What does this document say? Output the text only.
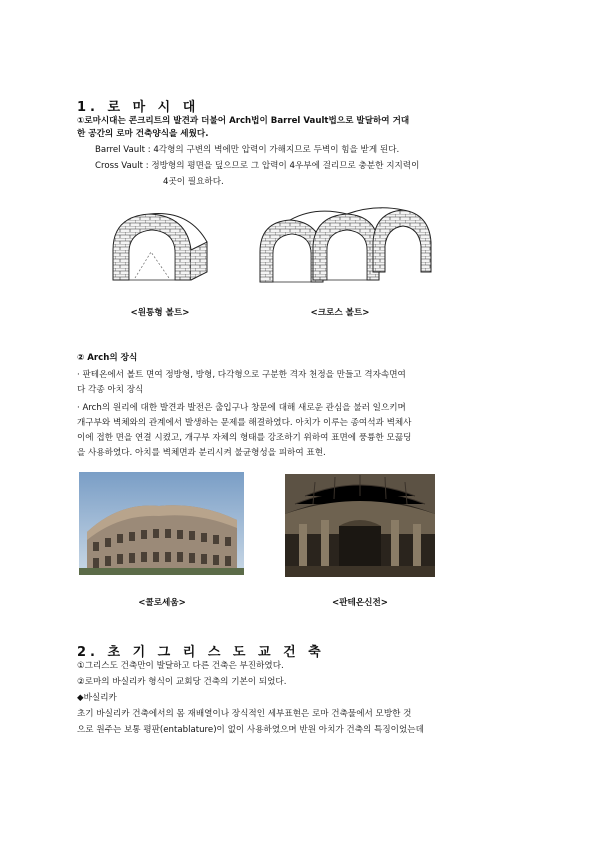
1. 로 마 시 대
①로마시대는 콘크리트의 발견과 더불어 Arch법이 Barrel Vault법으로 발달하여 거대
한 공간의 로마 건축양식을 세웠다.
Barrel Vault : 4각형의 구변의 벽에만 압력이 가해지므로 두벽이 힘을 받게 된다.
Cross Vault : 정방형의 평면을 덮으므로 그 압력이 4우부에 걸리므로 충분한 지지력이
4곳이 필요하다.
<원통형 볼트>	<크로스 볼트>
② Arch의 장식
· 판테온에서 볼트 면여 정방형, 방형, 다각형으로 구분한 격자 천정을 만들고 격자속면여
다 각종 아치 장식
· Arch의 원리에 대한 발견과 발전은 출입구나 창문에 대해 새로운 관심을 불러 일으키며
개구부와 벽체와의 관계에서 발생하는 문제를 해결하였다. 아치가 이루는 종여석과 벽체사
이에 접한 면을 연결 시켰고, 개구부 자체의 형태를 강조하기 위하여 표면에 풍륭한 모끓딩
을 사용하였다. 아치를 벽체면과 분리시켜 불균형성을 피하여 표현.
<콜로세움>	<판테온신전>
2. 초 기 그 리 스 도 교 건 축
①그리스도 건축만이 발달하고 다른 건축은 부진하였다.
②로마의 바실리카 형식이 교회당 건축의 기본이 되었다.
◆바실리카
초기 바실리카 건축에서의 몸 재배열이나 장식적인 세부표현은 로마 건축물에서 모방한 것
으로 원주는 보통 평판(entablature)이 없이 사용하였으며 반원 아치가 건축의 특징이었는데
